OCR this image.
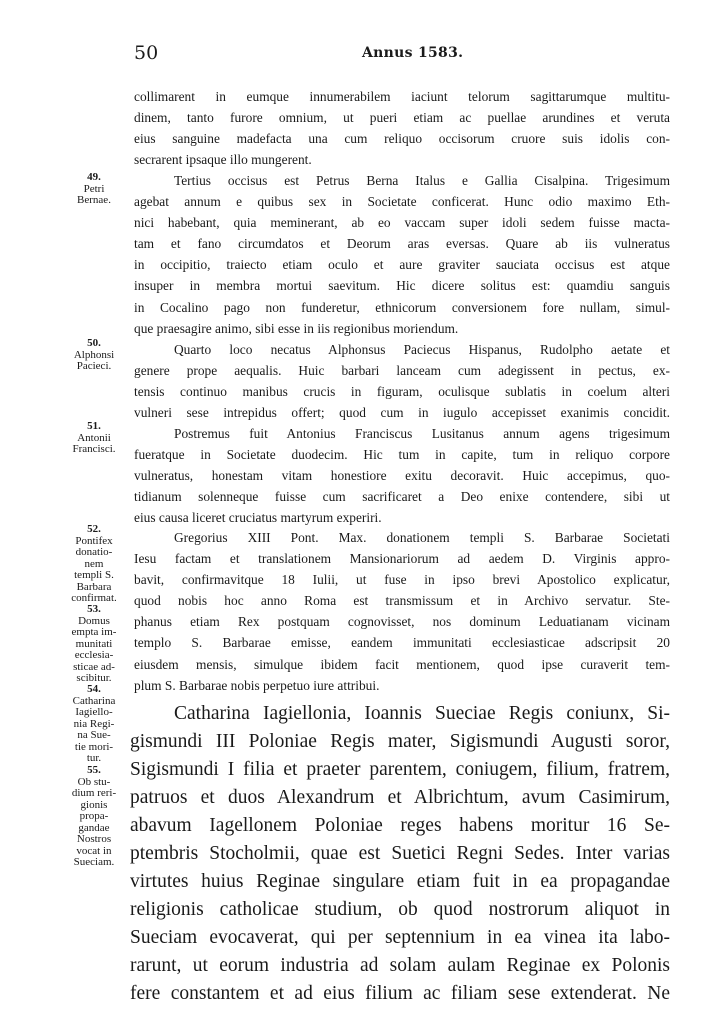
50	Annus 1583.
collimarent in eumque innumerabilem iaciunt telorum sagittarumque multitu-
dinem, tanto furore omnium, ut pueri etiam ac puellae arundines et veruta
eius sanguine madefacta una cum reliquo occisorum cruore suis idolis con-
secrarent ipsaque illo mungerent.
Tertius occisus est Petrus Berna Italus e Gallia Cisalpina. Trigesimum
agebat annum e quibus sex in Societate conficerat. Hunc odio maximo Eth-
nici habebant, quia meminerant, ab eo vaccam super idoli sedem fuisse macta-
tam et fano circumdatos et Deorum aras eversas. Quare ab iis vulneratus
in occipitio, traiecto etiam oculo et aure graviter sauciata occisus est atque
insuper in membra mortui saevitum. Hic dicere solitus est: quamdiu sanguis
in Cocalino pago non funderetur, ethnicorum conversionem fore nullam, simul-
que praesagire animo, sibi esse in iis regionibus moriendum.
Quarto loco necatus Alphonsus Paciecus Hispanus, Rudolpho aetate et
genere prope aequalis. Huic barbari lanceam cum adegissent in pectus, ex-
tensis continuo manibus crucis in figuram, oculisque sublatis in coelum alteri
vulneri sese intrepidus offert; quod cum in iugulo accepisset exanimis concidit.
Postremus fuit Antonius Franciscus Lusitanus annum agens trigesimum
fueratque in Societate duodecim. Hic tum in capite, tum in reliquo corpore
vulneratus, honestam vitam honestiore exitu decoravit. Huic accepimus, quo-
tidianum solenneque fuisse cum sacrificaret a Deo enixe contendere, sibi ut
eius causa liceret cruciatus martyrum experiri.
Gregorius XIII Pont. Max. donationem templi S. Barbarae Societati
Iesu factam et translationem Mansionariorum ad aedem D. Virginis appro-
bavit, confirmavitque 18 Iulii, ut fuse in ipso brevi Apostolico explicatur,
quod nobis hoc anno Roma est transmissum et in Archivo servatur. Ste-
phanus etiam Rex postquam cognovisset, nos dominum Leduatianam vicinam
templo S. Barbarae emisse, eandem immunitati ecclesiasticae adscripsit 20
eiusdem mensis, simulque ibidem facit mentionem, quod ipse curaverit tem-
plum S. Barbarae nobis perpetuo iure attribui.
Catharina Iagiellonia, Ioannis Sueciae Regis coniunx, Si-
gismundi III Poloniae Regis mater, Sigismundi Augusti soror,
Sigismundi I filia et praeter parentem, coniugem, filium, fratrem,
patruos et duos Alexandrum et Albrichtum, avum Casimirum,
abavum Iagellonem Poloniae reges habens moritur 16 Se-
ptembris Stocholmii, quae est Suetici Regni Sedes. Inter varias
virtutes huius Reginae singulare etiam fuit in ea propagandae
religionis catholicae studium, ob quod nostrorum aliquot in
Sueciam evocaverat, qui per septennium in ea vinea ita labo-
rarunt, ut eorum industria ad solam aulam Reginae ex Polonis
fere constantem et ad eius filium ac filiam sese extenderat. Ne
49.
Petri
Bernae.
50.
Alphonsi
Pacieci.
51.
Antonii
Francisci.
52.
Pontifex
donatio-
nem
templi S.
Barbara
confirmat.
53.
Domus
empta im-
munitati
ecclesia-
sticae ad-
scibitur.
54.
Catharina
Iagiello-
nia Regi-
na Sue-
tie mori-
tur.
55.
Ob stu-
dium reri-
gionis
propa-
gandae
Nostros
vocat in
Sueciam.
